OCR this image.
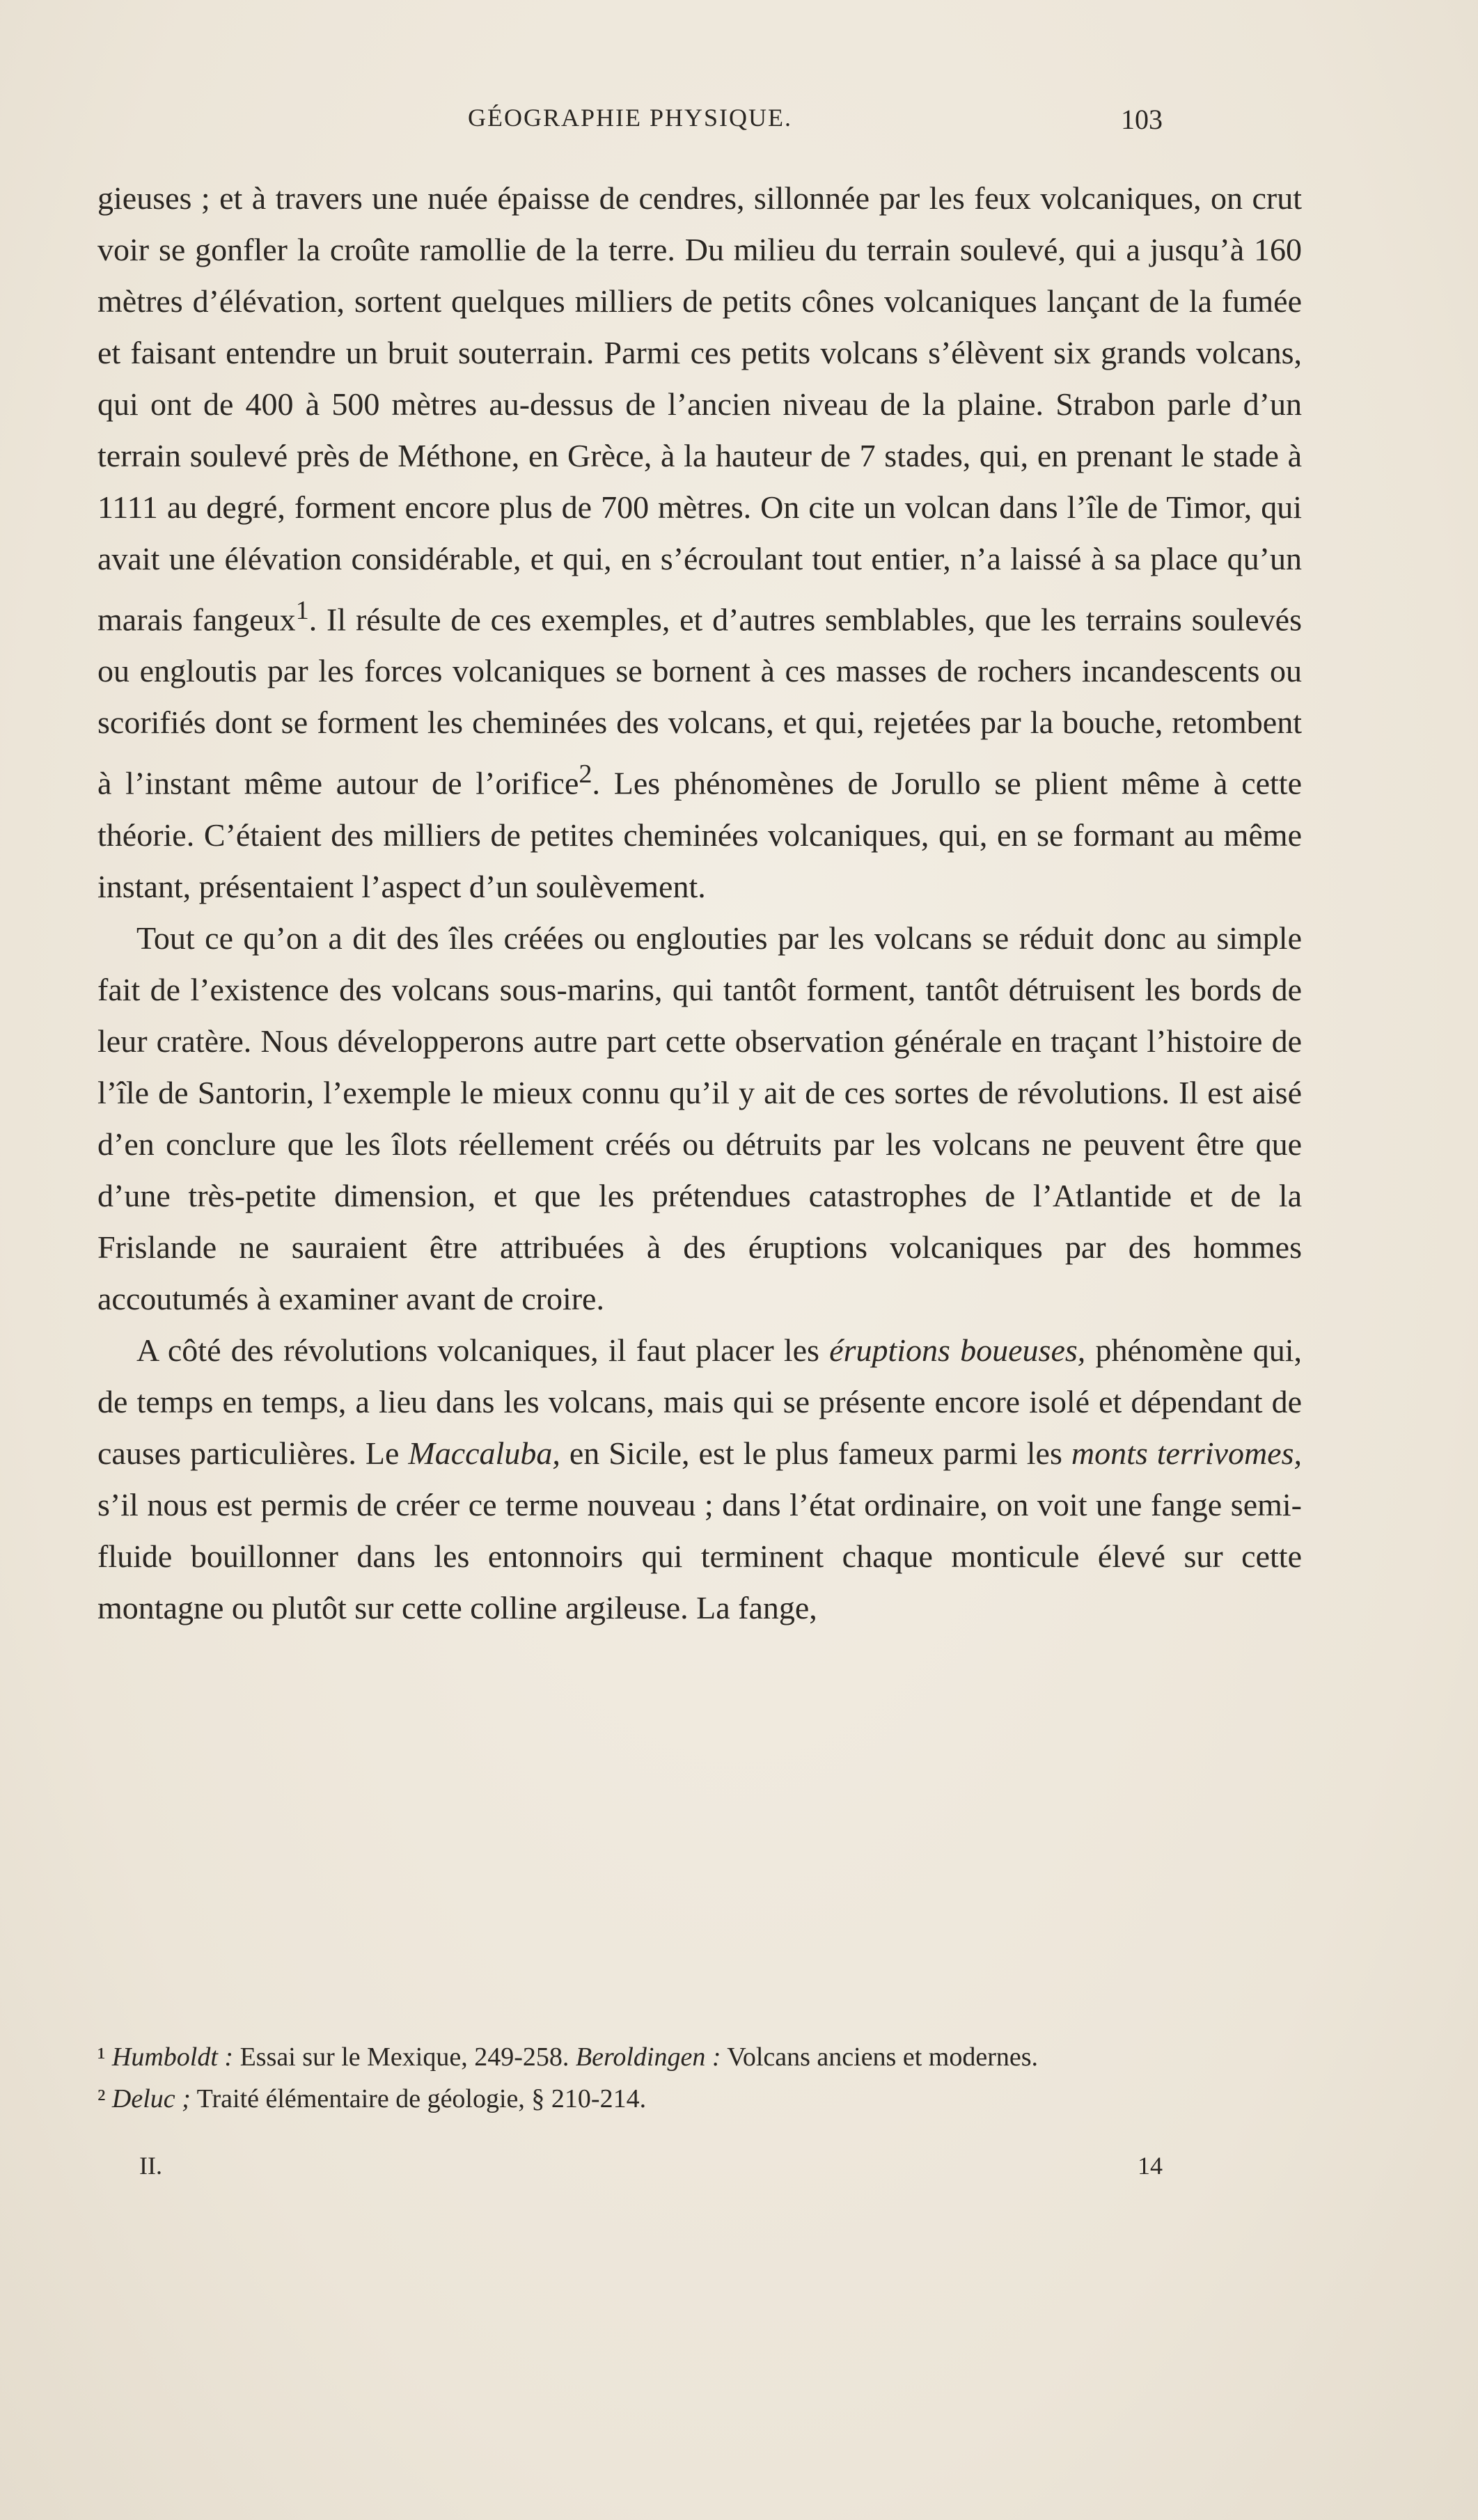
GÉOGRAPHIE PHYSIQUE.	103

gieuses ; et à travers une nuée épaisse de cendres, sillonnée par les feux volcaniques, on crut voir se gonfler la croûte ramollie de la terre. Du milieu du terrain soulevé, qui a jusqu’à 160 mètres d’élévation, sortent quelques milliers de petits cônes volcaniques lançant de la fumée et faisant entendre un bruit souterrain. Parmi ces petits volcans s’élèvent six grands volcans, qui ont de 400 à 500 mètres au-dessus de l’ancien niveau de la plaine. Strabon parle d’un terrain soulevé près de Méthone, en Grèce, à la hauteur de 7 stades, qui, en prenant le stade à 1111 au degré, forment encore plus de 700 mètres. On cite un volcan dans l’île de Timor, qui avait une élévation considérable, et qui, en s’écroulant tout entier, n’a laissé à sa place qu’un marais fangeux$^1$. Il résulte de ces exemples, et d’autres semblables, que les terrains soulevés ou engloutis par les forces volcaniques se bornent à ces masses de rochers incandescents ou scorifiés dont se forment les cheminées des volcans, et qui, rejetées par la bouche, retombent à l’instant même autour de l’orifice$^2$. Les phénomènes de Jorullo se plient même à cette théorie. C’étaient des milliers de petites cheminées volcaniques, qui, en se formant au même instant, présentaient l’aspect d’un soulèvement.

Tout ce qu’on a dit des îles créées ou englouties par les volcans se réduit donc au simple fait de l’existence des volcans sous-marins, qui tantôt forment, tantôt détruisent les bords de leur cratère. Nous développerons autre part cette observation générale en traçant l’histoire de l’île de Santorin, l’exemple le mieux connu qu’il y ait de ces sortes de révolutions. Il est aisé d’en conclure que les îlots réellement créés ou détruits par les volcans ne peuvent être que d’une très-petite dimension, et que les prétendues catastrophes de l’Atlantide et de la Frislande ne sauraient être attribuées à des éruptions volcaniques par des hommes accoutumés à examiner avant de croire.

A côté des révolutions volcaniques, il faut placer les éruptions boueuses, phénomène qui, de temps en temps, a lieu dans les volcans, mais qui se présente encore isolé et dépendant de causes particulières. Le Maccaluba, en Sicile, est le plus fameux parmi les monts terrivomes, s’il nous est permis de créer ce terme nouveau ; dans l’état ordinaire, on voit une fange semi-fluide bouillonner dans les entonnoirs qui terminent chaque monticule élevé sur cette montagne ou plutôt sur cette colline argileuse. La fange,

¹ Humboldt : Essai sur le Mexique, 249-258. Beroldingen : Volcans anciens et modernes.

² Deluc ; Traité élémentaire de géologie, § 210-214.

II.	14
